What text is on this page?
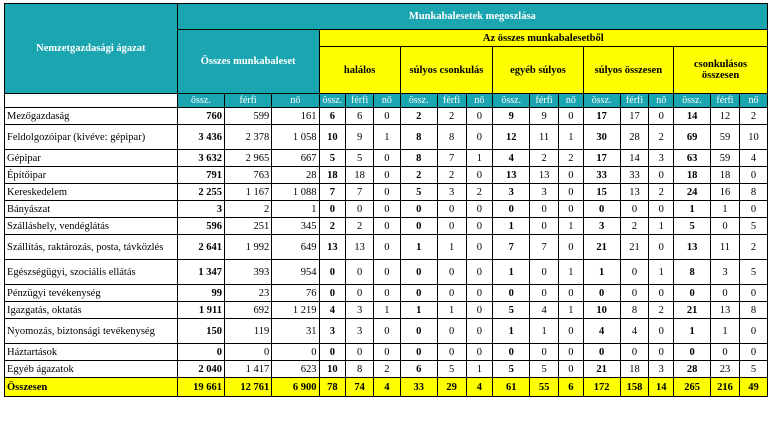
Nemzetgazdasági ágazat	Munkabalesetek megoszlása																	
	Összes munkabaleset			Az összes munkabalesetből														
				halálos			súlyos csonkulás			egyéb súlyos			súlyos összesen			csonkulásos összesen		
	össz.	férfi	nő	össz.	férfi	nő	össz.	férfi	nő	össz.	férfi	nő	össz.	férfi	nő	össz.	férfi	nő
Mezőgazdaság	760	599	161	6	6	0	2	2	0	9	9	0	17	17	0	14	12	2
Feldolgozóipar (kivéve: gépipar)	3 436	2 378	1 058	10	9	1	8	8	0	12	11	1	30	28	2	69	59	10
Gépipar	3 632	2 965	667	5	5	0	8	7	1	4	2	2	17	14	3	63	59	4
Építőipar	791	763	28	18	18	0	2	2	0	13	13	0	33	33	0	18	18	0
Kereskedelem	2 255	1 167	1 088	7	7	0	5	3	2	3	3	0	15	13	2	24	16	8
Bányászat	3	2	1	0	0	0	0	0	0	0	0	0	0	0	0	1	1	0
Szálláshely, vendéglátás	596	251	345	2	2	0	0	0	0	1	0	1	3	2	1	5	0	5
Szállítás, raktározás, posta, távközlés	2 641	1 992	649	13	13	0	1	1	0	7	7	0	21	21	0	13	11	2
Egészségügyi, szociális ellátás	1 347	393	954	0	0	0	0	0	0	1	0	1	1	0	1	8	3	5
Pénzügyi tevékenység	99	23	76	0	0	0	0	0	0	0	0	0	0	0	0	0	0	0
Igazgatás, oktatás	1 911	692	1 219	4	3	1	1	1	0	5	4	1	10	8	2	21	13	8
Nyomozás, biztonsági tevékenység	150	119	31	3	3	0	0	0	0	1	1	0	4	4	0	1	1	0
Háztartások	0	0	0	0	0	0	0	0	0	0	0	0	0	0	0	0	0	0
Egyéb ágazatok	2 040	1 417	623	10	8	2	6	5	1	5	5	0	21	18	3	28	23	5
Összesen	19 661	12 761	6 900	78	74	4	33	29	4	61	55	6	172	158	14	265	216	49
